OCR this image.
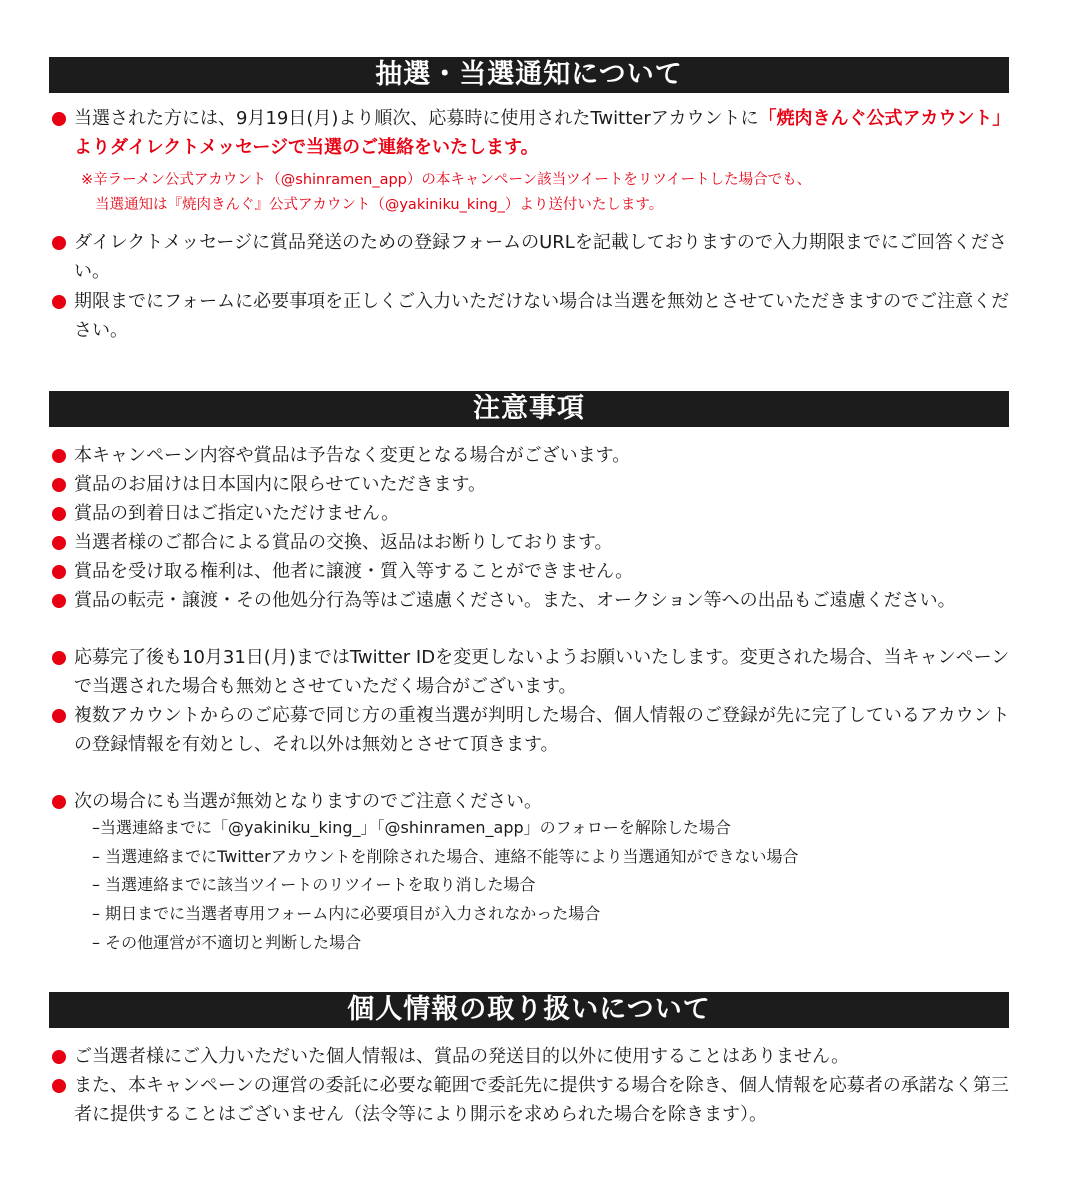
抽選・当選通知について
当選された方には、9月19日(月)より順次、応募時に使用されたTwitterアカウントに「焼肉きんぐ公式アカウント」よりダイレクトメッセージで当選のご連絡をいたします。
※辛ラーメン公式アカウント（@shinramen_app）の本キャンペーン該当ツイートをリツイートした場合でも、
当選通知は『焼肉きんぐ』公式アカウント（@yakiniku_king_）より送付いたします。
ダイレクトメッセージに賞品発送のための登録フォームのURLを記載しておりますので入力期限までにご回答ください。
期限までにフォームに必要事項を正しくご入力いただけない場合は当選を無効とさせていただきますのでご注意ください。
注意事項
本キャンペーン内容や賞品は予告なく変更となる場合がございます。
賞品のお届けは日本国内に限らせていただきます。
賞品の到着日はご指定いただけません。
当選者様のご都合による賞品の交換、返品はお断りしております。
賞品を受け取る権利は、他者に譲渡・質入等することができません。
賞品の転売・譲渡・その他処分行為等はご遠慮ください。また、オークション等への出品もご遠慮ください。
応募完了後も10月31日(月)まではTwitter IDを変更しないようお願いいたします。変更された場合、当キャンペーンで当選された場合も無効とさせていただく場合がございます。
複数アカウントからのご応募で同じ方の重複当選が判明した場合、個人情報のご登録が先に完了しているアカウントの登録情報を有効とし、それ以外は無効とさせて頂きます。
次の場合にも当選が無効となりますのでご注意ください。
–当選連絡までに「@yakiniku_king_」「@shinramen_app」のフォローを解除した場合
– 当選連絡までにTwitterアカウントを削除された場合、連絡不能等により当選通知ができない場合
– 当選連絡までに該当ツイートのリツイートを取り消した場合
– 期日までに当選者専用フォーム内に必要項目が入力されなかった場合
– その他運営が不適切と判断した場合
個人情報の取り扱いについて
ご当選者様にご入力いただいた個人情報は、賞品の発送目的以外に使用することはありません。
また、本キャンペーンの運営の委託に必要な範囲で委託先に提供する場合を除き、個人情報を応募者の承諾なく第三者に提供することはございません（法令等により開示を求められた場合を除きます）。
